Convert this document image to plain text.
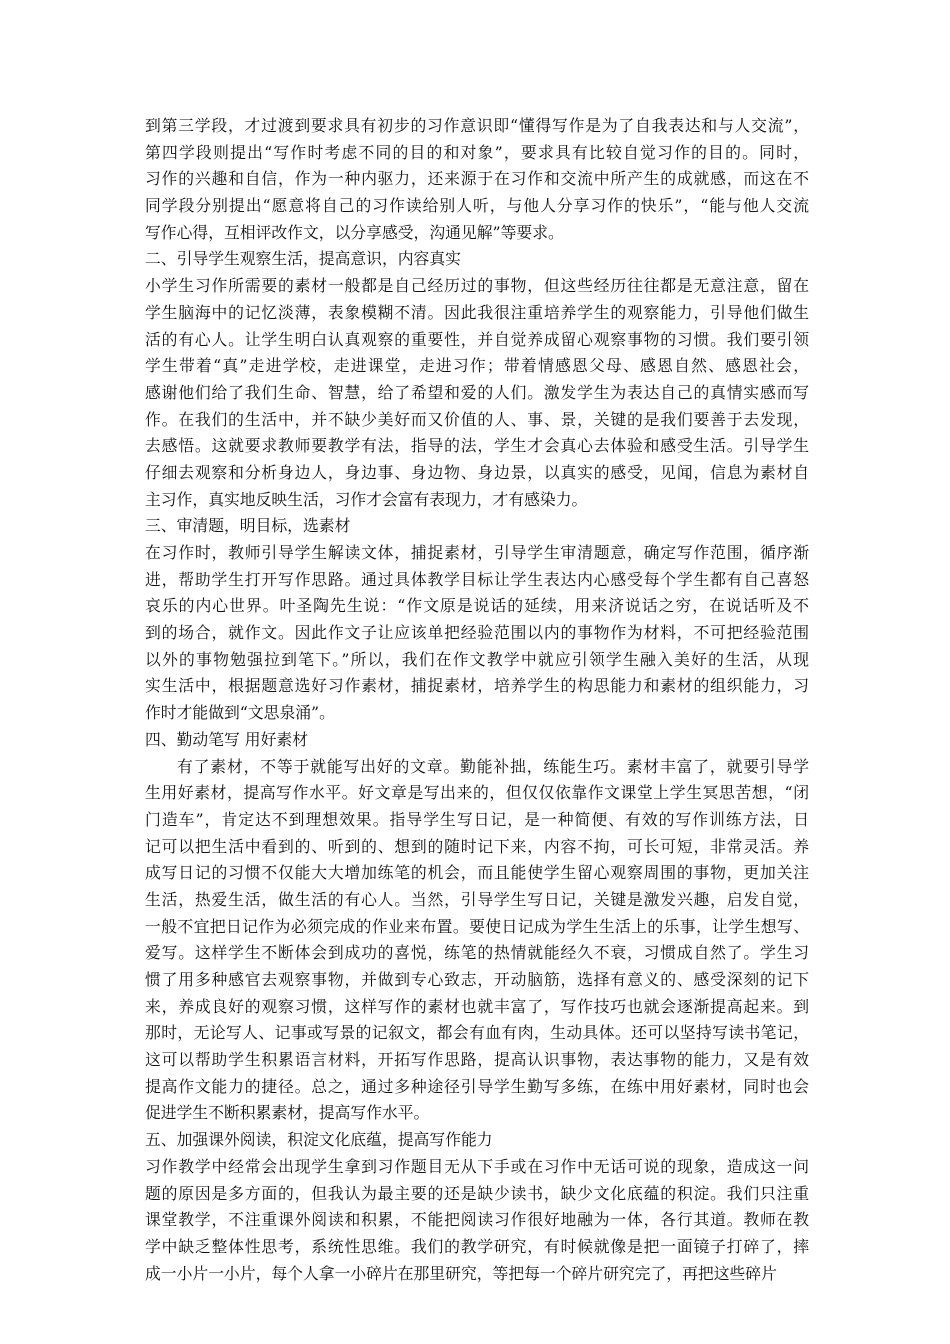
到第三学段，才过渡到要求具有初步的习作意识即“懂得写作是为了自我表达和与人交流”，
第四学段则提出“写作时考虑不同的目的和对象”，要求具有比较自觉习作的目的。同时，
习作的兴趣和自信，作为一种内驱力，还来源于在习作和交流中所产生的成就感，而这在不
同学段分别提出“愿意将自己的习作读给别人听，与他人分享习作的快乐”，“能与他人交流
写作心得，互相评改作文，以分享感受，沟通见解”等要求。
二、引导学生观察生活，提高意识，内容真实
小学生习作所需要的素材一般都是自己经历过的事物，但这些经历往往都是无意注意，留在
学生脑海中的记忆淡薄，表象模糊不清。因此我很注重培养学生的观察能力，引导他们做生
活的有心人。让学生明白认真观察的重要性，并自觉养成留心观察事物的习惯。我们要引领
学生带着“真”走进学校，走进课堂，走进习作；带着情感恩父母、感恩自然、感恩社会，
感谢他们给了我们生命、智慧，给了希望和爱的人们。激发学生为表达自己的真情实感而写
作。在我们的生活中，并不缺少美好而又价值的人、事、景，关键的是我们要善于去发现，
去感悟。这就要求教师要教学有法，指导的法，学生才会真心去体验和感受生活。引导学生
仔细去观察和分析身边人，身边事、身边物、身边景，以真实的感受，见闻，信息为素材自
主习作，真实地反映生活，习作才会富有表现力，才有感染力。
三、审清题，明目标，选素材
在习作时，教师引导学生解读文体，捕捉素材，引导学生审清题意，确定写作范围，循序渐
进，帮助学生打开写作思路。通过具体教学目标让学生表达内心感受每个学生都有自己喜怒
哀乐的内心世界。叶圣陶先生说：“作文原是说话的延续，用来济说话之穷，在说话听及不
到的场合，就作文。因此作文子让应该单把经验范围以内的事物作为材料，不可把经验范围
以外的事物勉强拉到笔下。”所以，我们在作文教学中就应引领学生融入美好的生活，从现
实生活中，根据题意选好习作素材，捕捉素材，培养学生的构思能力和素材的组织能力，习
作时才能做到“文思泉涌”。
四、勤动笔写 用好素材
有了素材，不等于就能写出好的文章。勤能补拙，练能生巧。素材丰富了，就要引导学
生用好素材，提高写作水平。好文章是写出来的，但仅仅依靠作文课堂上学生冥思苦想，“闭
门造车”，肯定达不到理想效果。指导学生写日记，是一种简便、有效的写作训练方法，日
记可以把生活中看到的、听到的、想到的随时记下来，内容不拘，可长可短，非常灵活。养
成写日记的习惯不仅能大大增加练笔的机会，而且能使学生留心观察周围的事物，更加关注
生活，热爱生活，做生活的有心人。当然，引导学生写日记，关键是激发兴趣，启发自觉，
一般不宜把日记作为必须完成的作业来布置。要使日记成为学生生活上的乐事，让学生想写、
爱写。这样学生不断体会到成功的喜悦，练笔的热情就能经久不衰，习惯成自然了。学生习
惯了用多种感官去观察事物，并做到专心致志，开动脑筋，选择有意义的、感受深刻的记下
来，养成良好的观察习惯，这样写作的素材也就丰富了，写作技巧也就会逐渐提高起来。到
那时，无论写人、记事或写景的记叙文，都会有血有肉，生动具体。还可以坚持写读书笔记，
这可以帮助学生积累语言材料，开拓写作思路，提高认识事物，表达事物的能力，又是有效
提高作文能力的捷径。总之，通过多种途径引导学生勤写多练，在练中用好素材，同时也会
促进学生不断积累素材，提高写作水平。
五、加强课外阅读，积淀文化底蕴，提高写作能力
习作教学中经常会出现学生拿到习作题目无从下手或在习作中无话可说的现象，造成这一问
题的原因是多方面的，但我认为最主要的还是缺少读书，缺少文化底蕴的积淀。我们只注重
课堂教学，不注重课外阅读和积累，不能把阅读习作很好地融为一体，各行其道。教师在教
学中缺乏整体性思考，系统性思维。我们的教学研究，有时候就像是把一面镜子打碎了，摔
成一小片一小片，每个人拿一小碎片在那里研究，等把每一个碎片研究完了，再把这些碎片
